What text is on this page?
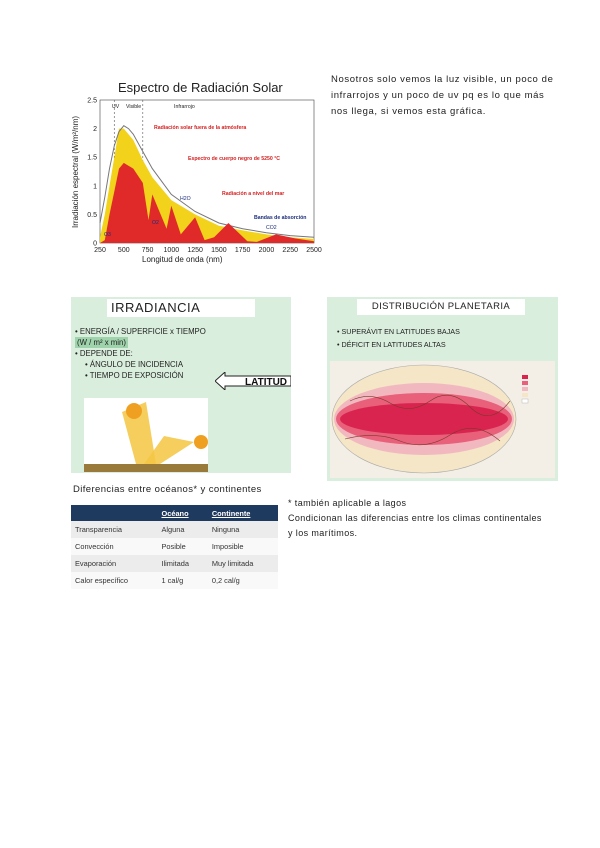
Espectro de Radiación Solar
Irradiación espectral (W/m²/nm)
Longitud de onda (nm)
250 500 750 1000 1250 1500 1750 2000 2250 2500
0
0.5
1
1.5
2
2.5
UV Visible	Infrarrojo
Radiación solar fuera de la atmósfera
Espectro de cuerpo negro de 5250 °C
Radiación a nivel del mar
Bandas de absorción
O2
O3
H2O
CO2
Nosotros solo vemos la luz visible, un poco de infrarrojos y un poco de uv pq es lo que más nos llega, si vemos esta gráfica.
IRRADIANCIA
• ENERGÍA / SUPERFICIE x TIEMPO
(W / m² x min)
• DEPENDE DE:
• ÁNGULO DE INCIDENCIA
• TIEMPO DE EXPOSICIÓN
LATITUD
DISTRIBUCIÓN PLANETARIA
• SUPERÁVIT EN LATITUDES BAJAS
• DÉFICIT EN LATITUDES ALTAS
Diferencias entre océanos* y continentes
* también aplicable a lagos
Condicionan las diferencias entre los climas continentales y los marítimos.
	Océano	Continente
Transparencia	Alguna	Ninguna
Convección	Posible	Imposible
Evaporación	Ilimitada	Muy limitada
Calor específico	1 cal/g	0,2 cal/g
